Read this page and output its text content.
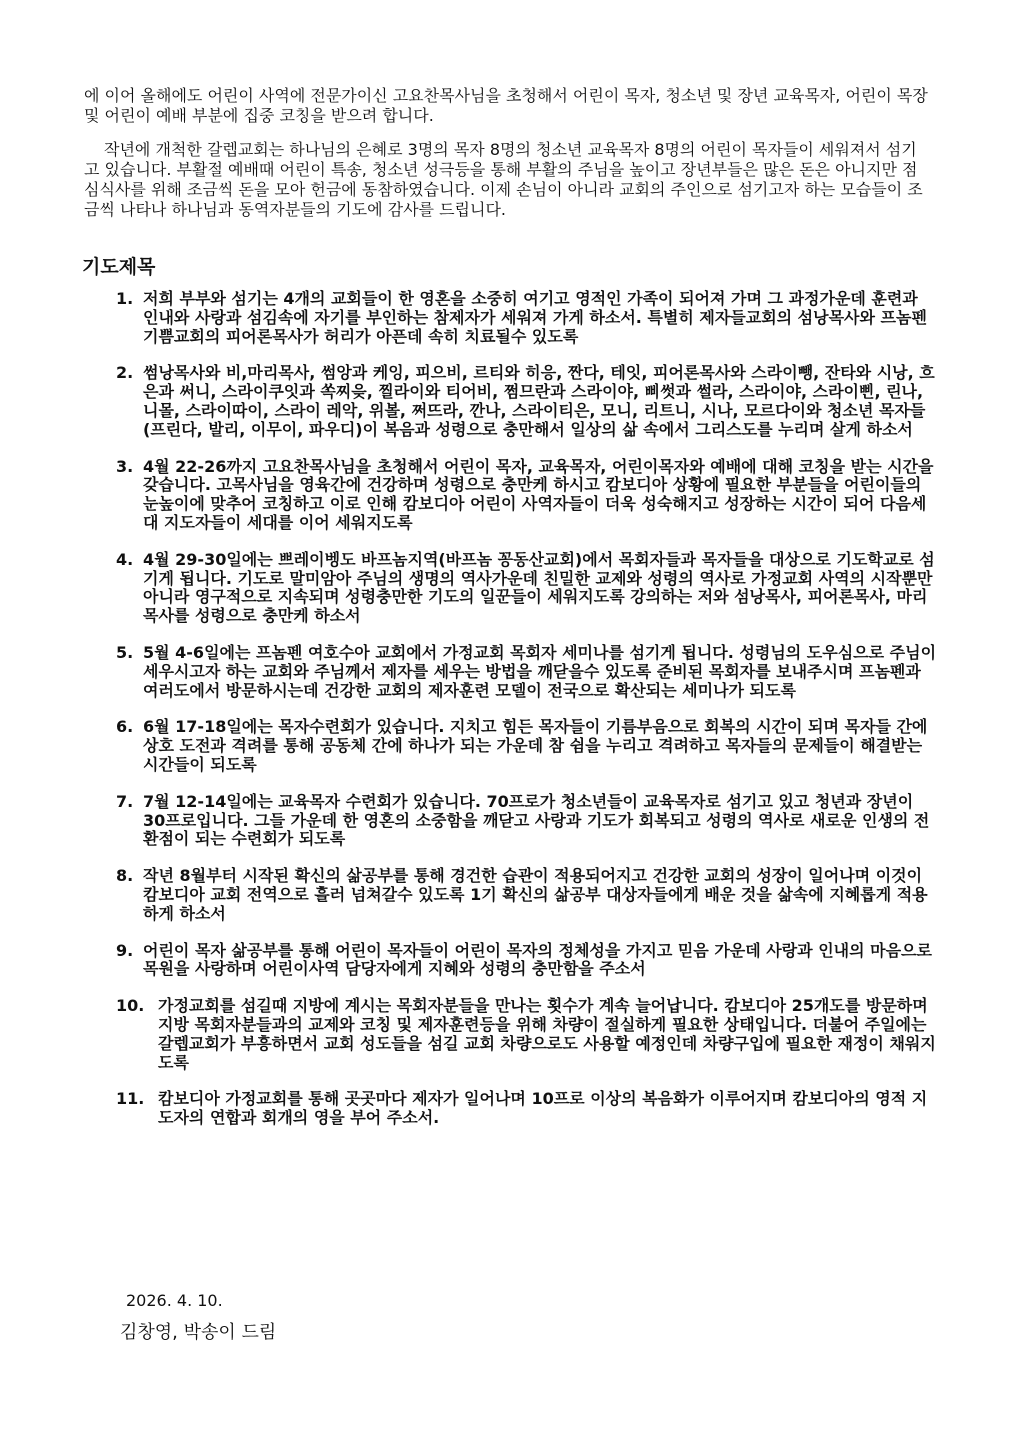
에 이어 올해에도 어린이 사역에 전문가이신 고요찬목사님을 초청해서 어린이 목자, 청소년 및 장년 교육목자, 어린이 목장 및 어린이 예배 부분에 집중 코칭을 받으려 합니다.

작년에 개척한 갈렙교회는 하나님의 은혜로 3명의 목자 8명의 청소년 교육목자 8명의 어린이 목자들이 세워져서 섬기고 있습니다. 부활절 예배때 어린이 특송, 청소년 성극등을 통해 부활의 주님을 높이고 장년부들은 많은 돈은 아니지만 점심식사를 위해 조금씩 돈을 모아 헌금에 동참하였습니다. 이제 손님이 아니라 교회의 주인으로 섬기고자 하는 모습들이 조금씩 나타나 하나님과 동역자분들의 기도에 감사를 드립니다.

기도제목
1. 저희 부부와 섬기는 4개의 교회들이 한 영혼을 소중히 여기고 영적인 가족이 되어져 가며 그 과정가운데 훈련과 인내와 사랑과 섬김속에 자기를 부인하는 참제자가 세워져 가게 하소서. 특별히 제자들교회의 섬낭목사와 프놈펜기쁨교회의 피어론목사가 허리가 아픈데 속히 치료될수 있도록
2. 썸낭목사와 비,마리목사, 썸앙과 케잉, 피으비, 르티와 히응, 짠다, 테잇, 피어론목사와 스라이뺑, 잔타와 시낭, 흐은과 써니, 스라이쿠잇과 쏙찌읒, 찔라이와 티어비, 쩜므란과 스라이야, 삐썻과 썰라, 스라이야, 스라이삔, 린나, 니몰, 스라이따이, 스라이 레악, 위볼, 쩌뜨라, 깐나, 스라이티은, 모니, 리트니, 시나, 모르다이와 청소년 목자들(프린다, 발리, 이무이, 파우디)이 복음과 성령으로 충만해서 일상의 삶 속에서 그리스도를 누리며 살게 하소서
3. 4월 22-26까지 고요찬목사님을 초청해서 어린이 목자, 교육목자, 어린이목자와 예배에 대해 코칭을 받는 시간을 갖습니다. 고목사님을 영육간에 건강하며 성령으로 충만케 하시고 캄보디아 상황에 필요한 부분들을 어린이들의 눈높이에 맞추어 코칭하고 이로 인해 캄보디아 어린이 사역자들이 더욱 성숙해지고 성장하는 시간이 되어 다음세대 지도자들이 세대를 이어 세워지도록
4. 4월 29-30일에는 쁘레이벵도 바프놈지역(바프놈 꽁동산교회)에서 목회자들과 목자들을 대상으로 기도학교로 섬기게 됩니다. 기도로 말미암아 주님의 생명의 역사가운데 친밀한 교제와 성령의 역사로 가정교회 사역의 시작뿐만 아니라 영구적으로 지속되며 성령충만한 기도의 일꾼들이 세워지도록 강의하는 저와 섬낭목사, 피어론목사, 마리목사를 성령으로 충만케 하소서
5. 5월 4-6일에는 프놈펜 여호수아 교회에서 가정교회 목회자 세미나를 섬기게 됩니다. 성령님의 도우심으로 주님이 세우시고자 하는 교회와 주님께서 제자를 세우는 방법을 깨닫을수 있도록 준비된 목회자를 보내주시며 프놈펜과 여러도에서 방문하시는데 건강한 교회의 제자훈련 모델이 전국으로 확산되는 세미나가 되도록
6. 6월 17-18일에는 목자수련회가 있습니다. 지치고 힘든 목자들이 기름부음으로 회복의 시간이 되며 목자들 간에 상호 도전과 격려를 통해 공동체 간에 하나가 되는 가운데 참 쉼을 누리고 격려하고 목자들의 문제들이 해결받는 시간들이 되도록
7. 7월 12-14일에는 교육목자 수련회가 있습니다. 70프로가 청소년들이 교육목자로 섬기고 있고 청년과 장년이 30프로입니다. 그들 가운데 한 영혼의 소중함을 깨닫고 사랑과 기도가 회복되고 성령의 역사로 새로운 인생의 전환점이 되는 수련회가 되도록
8. 작년 8월부터 시작된 확신의 삶공부를 통해 경건한 습관이 적용되어지고 건강한 교회의 성장이 일어나며 이것이 캄보디아 교회 전역으로 흘러 넘쳐갈수 있도록 1기 확신의 삶공부 대상자들에게 배운 것을 삶속에 지혜롭게 적용하게 하소서
9. 어린이 목자 삶공부를 통해 어린이 목자들이 어린이 목자의 정체성을 가지고 믿음 가운데 사랑과 인내의 마음으로 목원을 사랑하며 어린이사역 담당자에게 지혜와 성령의 충만함을 주소서
10. 가정교회를 섬길때 지방에 계시는 목회자분들을 만나는 횟수가 계속 늘어납니다. 캄보디아 25개도를 방문하며 지방 목회자분들과의 교제와 코칭 및 제자훈련등을 위해 차량이 절실하게 필요한 상태입니다. 더불어 주일에는 갈렙교회가 부흥하면서 교회 성도들을 섬길 교회 차량으로도 사용할 예정인데 차량구입에 필요한 재정이 채워지도록
11. 캄보디아 가정교회를 통해 곳곳마다 제자가 일어나며 10프로 이상의 복음화가 이루어지며 캄보디아의 영적 지도자의 연합과 회개의 영을 부어 주소서.
2026. 4. 10.
김창영, 박송이 드림
